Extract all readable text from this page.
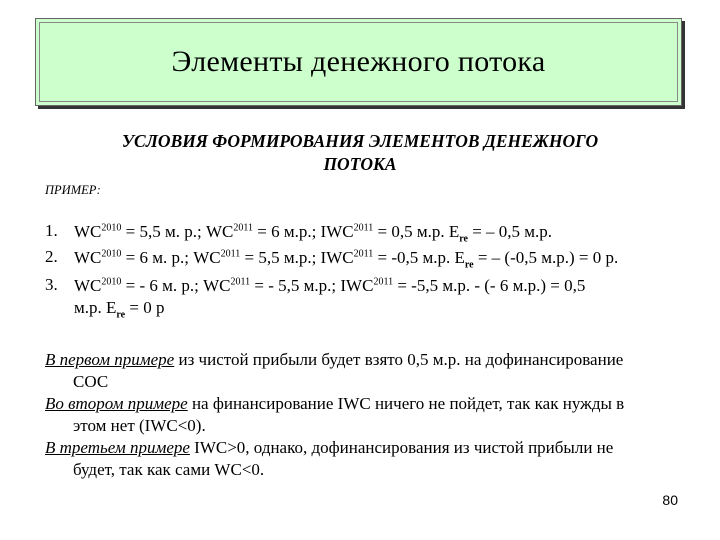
Элементы денежного потока
УСЛОВИЯ ФОРМИРОВАНИЯ ЭЛЕМЕНТОВ ДЕНЕЖНОГО
ПОТОКА
ПРИМЕР:
1. $WC^{2010} = 5,5$ м. р.; $WC^{2011} = 6$ м.р.; $IWC^{2011} = 0,5$ м.р. $E_{re}$ = – 0,5 м.р.
2. $WC^{2010} = 6$ м. р.; $WC^{2011} = 5,5$ м.р.; $IWC^{2011} = -0,5$ м.р. $E_{re}$ = – (-0,5 м.р.) = 0 р.
3. $WC^{2010}$ = - 6 м. р.; $WC^{2011}$ = - 5,5 м.р.; $IWC^{2011} = -5,5$ м.р. - (- 6 м.р.) = 0,5
м.р. $E_{re} = 0$ р
В первом примере из чистой прибыли будет взято 0,5 м.р. на дофинансирование
СОС
Во втором примере на финансирование IWC ничего не пойдет, так как нужды в
этом нет (IWC<0).
В третьем примере IWC>0, однако, дофинансирования из чистой прибыли не
будет, так как сами WC<0.
80
